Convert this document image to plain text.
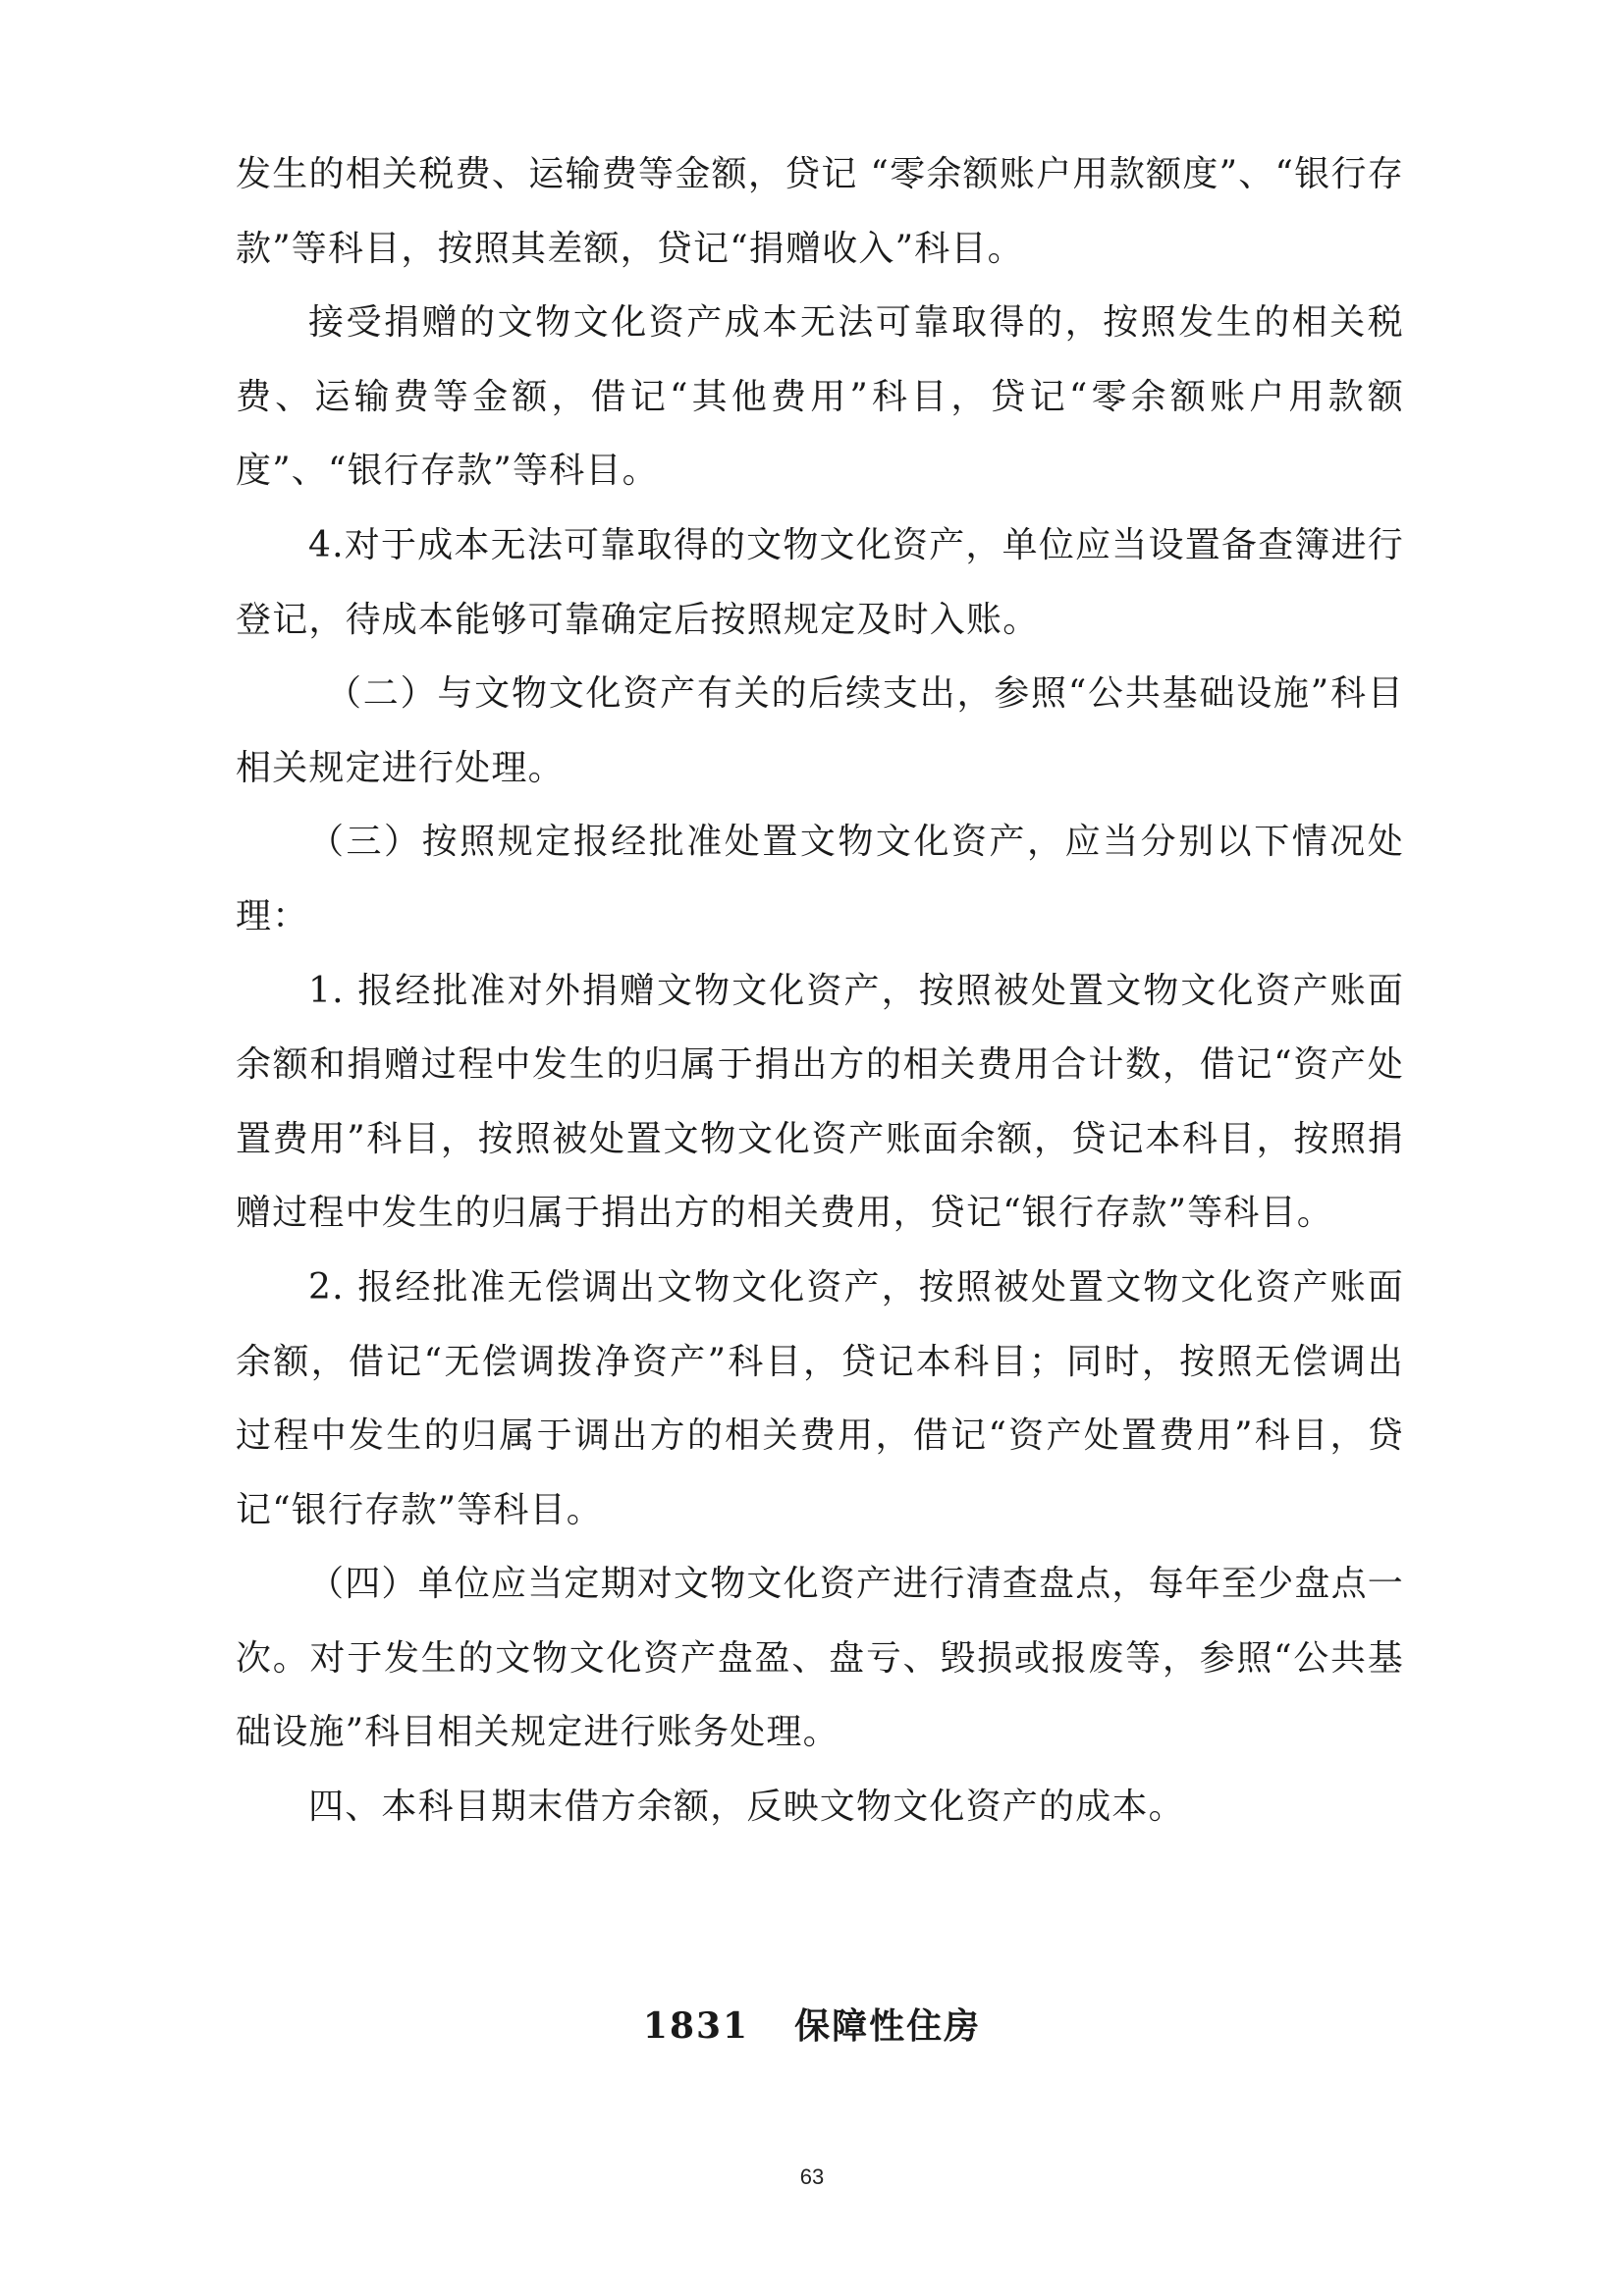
发生的相关税费、运输费等金额，贷记 “零余额账户用款额度”、“银行存款”等科目，按照其差额，贷记“捐赠收入”科目。

接受捐赠的文物文化资产成本无法可靠取得的，按照发生的相关税费、运输费等金额，借记“其他费用”科目，贷记“零余额账户用款额度”、“银行存款”等科目。

4.对于成本无法可靠取得的文物文化资产，单位应当设置备查簿进行登记，待成本能够可靠确定后按照规定及时入账。

（二）与文物文化资产有关的后续支出，参照“公共基础设施”科目相关规定进行处理。

（三）按照规定报经批准处置文物文化资产，应当分别以下情况处理：

1. 报经批准对外捐赠文物文化资产，按照被处置文物文化资产账面余额和捐赠过程中发生的归属于捐出方的相关费用合计数，借记“资产处置费用”科目，按照被处置文物文化资产账面余额，贷记本科目，按照捐赠过程中发生的归属于捐出方的相关费用，贷记“银行存款”等科目。

2. 报经批准无偿调出文物文化资产，按照被处置文物文化资产账面余额，借记“无偿调拨净资产”科目，贷记本科目；同时，按照无偿调出过程中发生的归属于调出方的相关费用，借记“资产处置费用”科目，贷记“银行存款”等科目。

（四）单位应当定期对文物文化资产进行清查盘点，每年至少盘点一次。对于发生的文物文化资产盘盈、盘亏、毁损或报废等，参照“公共基础设施”科目相关规定进行账务处理。

四、本科目期末借方余额，反映文物文化资产的成本。

1831 保障性住房

63
